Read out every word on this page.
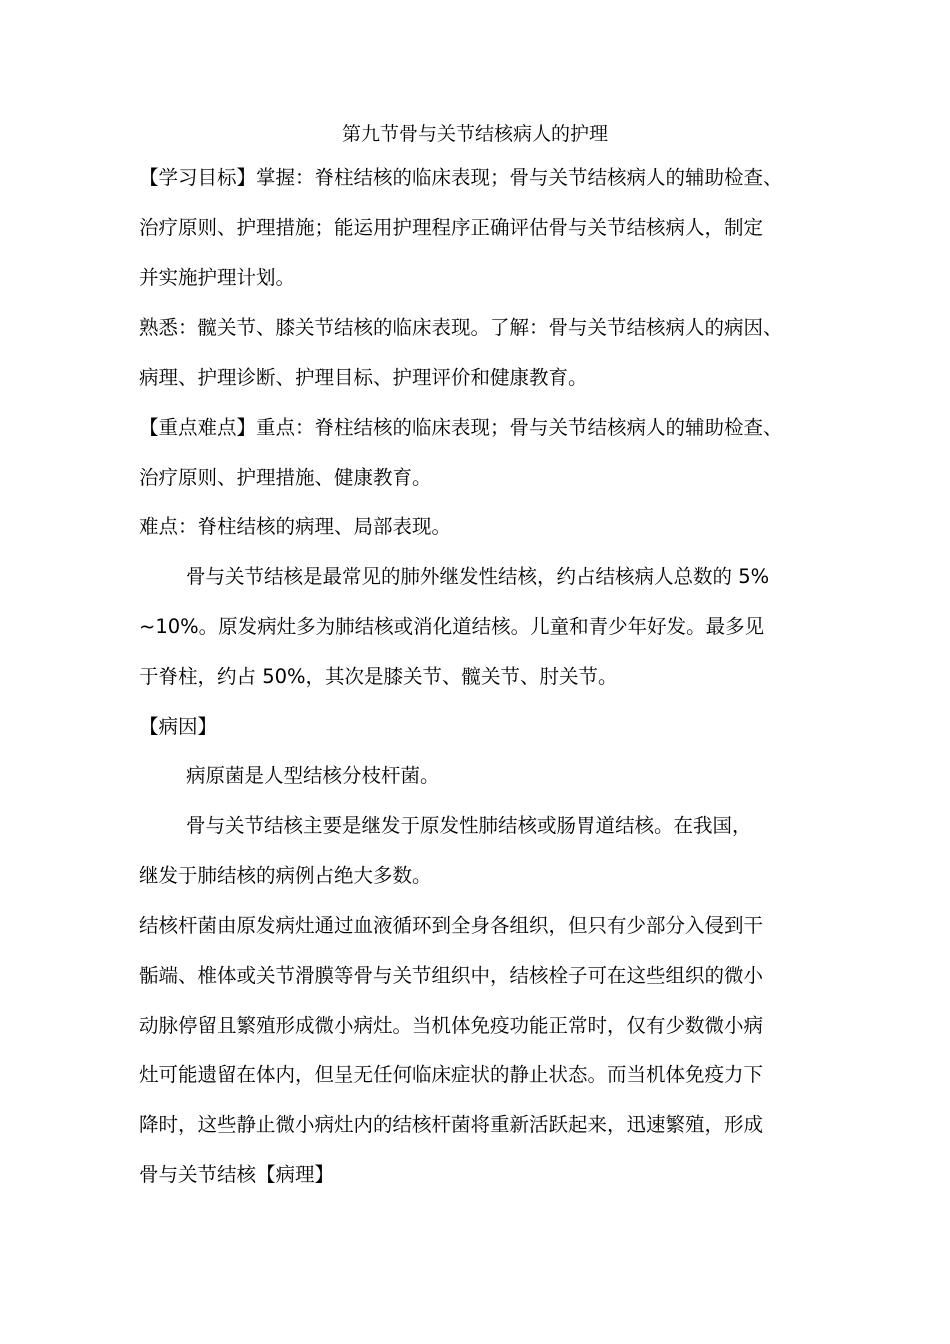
第九节骨与关节结核病人的护理
【学习目标】掌握：脊柱结核的临床表现；骨与关节结核病人的辅助检查、
治疗原则、护理措施；能运用护理程序正确评估骨与关节结核病人，制定
并实施护理计划。
熟悉：髋关节、膝关节结核的临床表现。了解：骨与关节结核病人的病因、
病理、护理诊断、护理目标、护理评价和健康教育。
【重点难点】重点：脊柱结核的临床表现；骨与关节结核病人的辅助检查、
治疗原则、护理措施、健康教育。
难点：脊柱结核的病理、局部表现。
骨与关节结核是最常见的肺外继发性结核，约占结核病人总数的 5%
~10%。原发病灶多为肺结核或消化道结核。儿童和青少年好发。最多见
于脊柱，约占 50%，其次是膝关节、髋关节、肘关节。
【病因】
病原菌是人型结核分枝杆菌。
骨与关节结核主要是继发于原发性肺结核或肠胃道结核。在我国，
继发于肺结核的病例占绝大多数。
结核杆菌由原发病灶通过血液循环到全身各组织，但只有少部分入侵到干
骺端、椎体或关节滑膜等骨与关节组织中，结核栓子可在这些组织的微小
动脉停留且繁殖形成微小病灶。当机体免疫功能正常时，仅有少数微小病
灶可能遗留在体内，但呈无任何临床症状的静止状态。而当机体免疫力下
降时，这些静止微小病灶内的结核杆菌将重新活跃起来，迅速繁殖，形成
骨与关节结核【病理】
